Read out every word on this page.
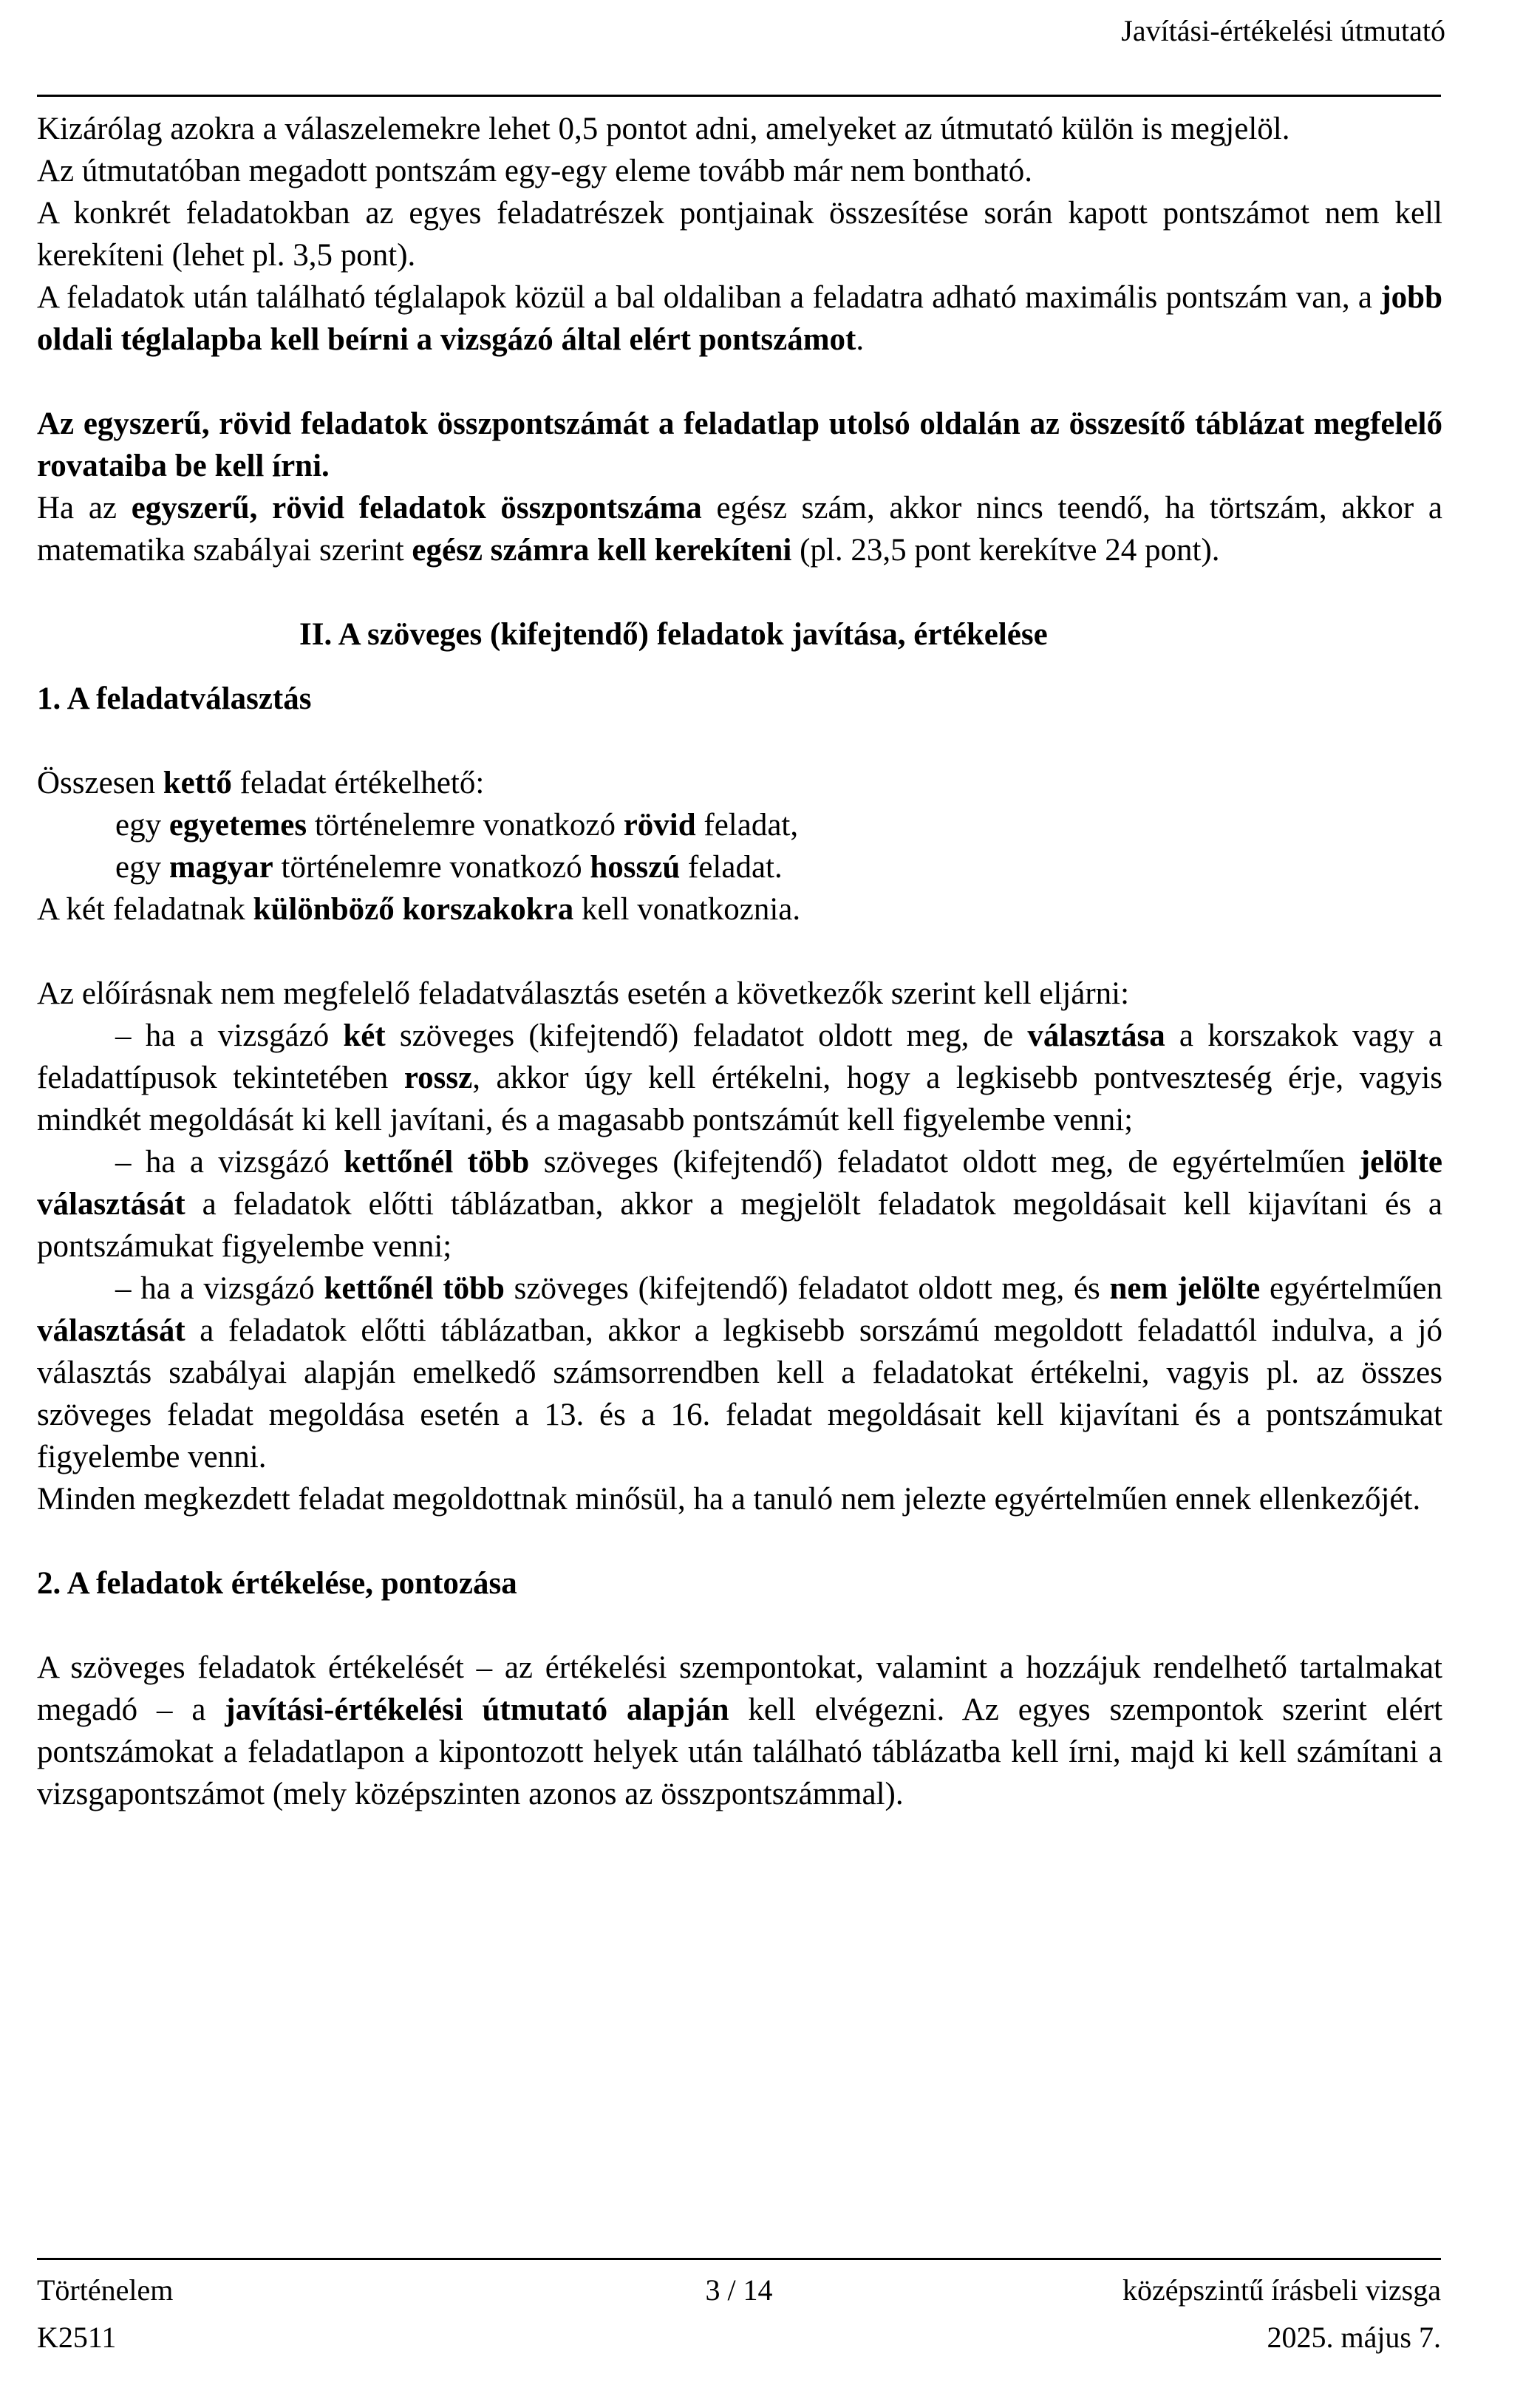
Javítási-értékelési útmutató

Kizárólag azokra a válaszelemekre lehet 0,5 pontot adni, amelyeket az útmutató külön is megjelöl.

Az útmutatóban megadott pontszám egy-egy eleme tovább már nem bontható.

A konkrét feladatokban az egyes feladatrészek pontjainak összesítése során kapott pontszámot nem kell kerekíteni (lehet pl. 3,5 pont).

A feladatok után található téglalapok közül a bal oldaliban a feladatra adható maximális pontszám van, a jobb oldali téglalapba kell beírni a vizsgázó által elért pontszámot.

Az egyszerű, rövid feladatok összpontszámát a feladatlap utolsó oldalán az összesítő táblázat megfelelő rovataiba be kell írni.

Ha az egyszerű, rövid feladatok összpontszáma egész szám, akkor nincs teendő, ha törtszám, akkor a matematika szabályai szerint egész számra kell kerekíteni (pl. 23,5 pont kerekítve 24 pont).

II. A szöveges (kifejtendő) feladatok javítása, értékelése

1. A feladatválasztás

Összesen kettő feladat értékelhető:

egy egyetemes történelemre vonatkozó rövid feladat,

egy magyar történelemre vonatkozó hosszú feladat.

A két feladatnak különböző korszakokra kell vonatkoznia.

Az előírásnak nem megfelelő feladatválasztás esetén a következők szerint kell eljárni:

– ha a vizsgázó két szöveges (kifejtendő) feladatot oldott meg, de választása a korszakok vagy a feladattípusok tekintetében rossz, akkor úgy kell értékelni, hogy a legkisebb pontveszteség érje, vagyis mindkét megoldását ki kell javítani, és a magasabb pontszámút kell figyelembe venni;

– ha a vizsgázó kettőnél több szöveges (kifejtendő) feladatot oldott meg, de egyértelműen jelölte választását a feladatok előtti táblázatban, akkor a megjelölt feladatok megoldásait kell kijavítani és a pontszámukat figyelembe venni;

– ha a vizsgázó kettőnél több szöveges (kifejtendő) feladatot oldott meg, és nem jelölte egyértelműen választását a feladatok előtti táblázatban, akkor a legkisebb sorszámú megoldott feladattól indulva, a jó választás szabályai alapján emelkedő számsorrendben kell a feladatokat értékelni, vagyis pl. az összes szöveges feladat megoldása esetén a 13. és a 16. feladat megoldásait kell kijavítani és a pontszámukat figyelembe venni.

Minden megkezdett feladat megoldottnak minősül, ha a tanuló nem jelezte egyértelműen ennek ellenkezőjét.

2. A feladatok értékelése, pontozása

A szöveges feladatok értékelését – az értékelési szempontokat, valamint a hozzájuk rendelhető tartalmakat megadó – a javítási-értékelési útmutató alapján kell elvégezni. Az egyes szempontok szerint elért pontszámokat a feladatlapon a kipontozott helyek után található táblázatba kell írni, majd ki kell számítani a vizsgapontszámot (mely középszinten azonos az összpontszámmal).

Történelem	3 / 14	középszintű írásbeli vizsga
K2511	2025. május 7.
